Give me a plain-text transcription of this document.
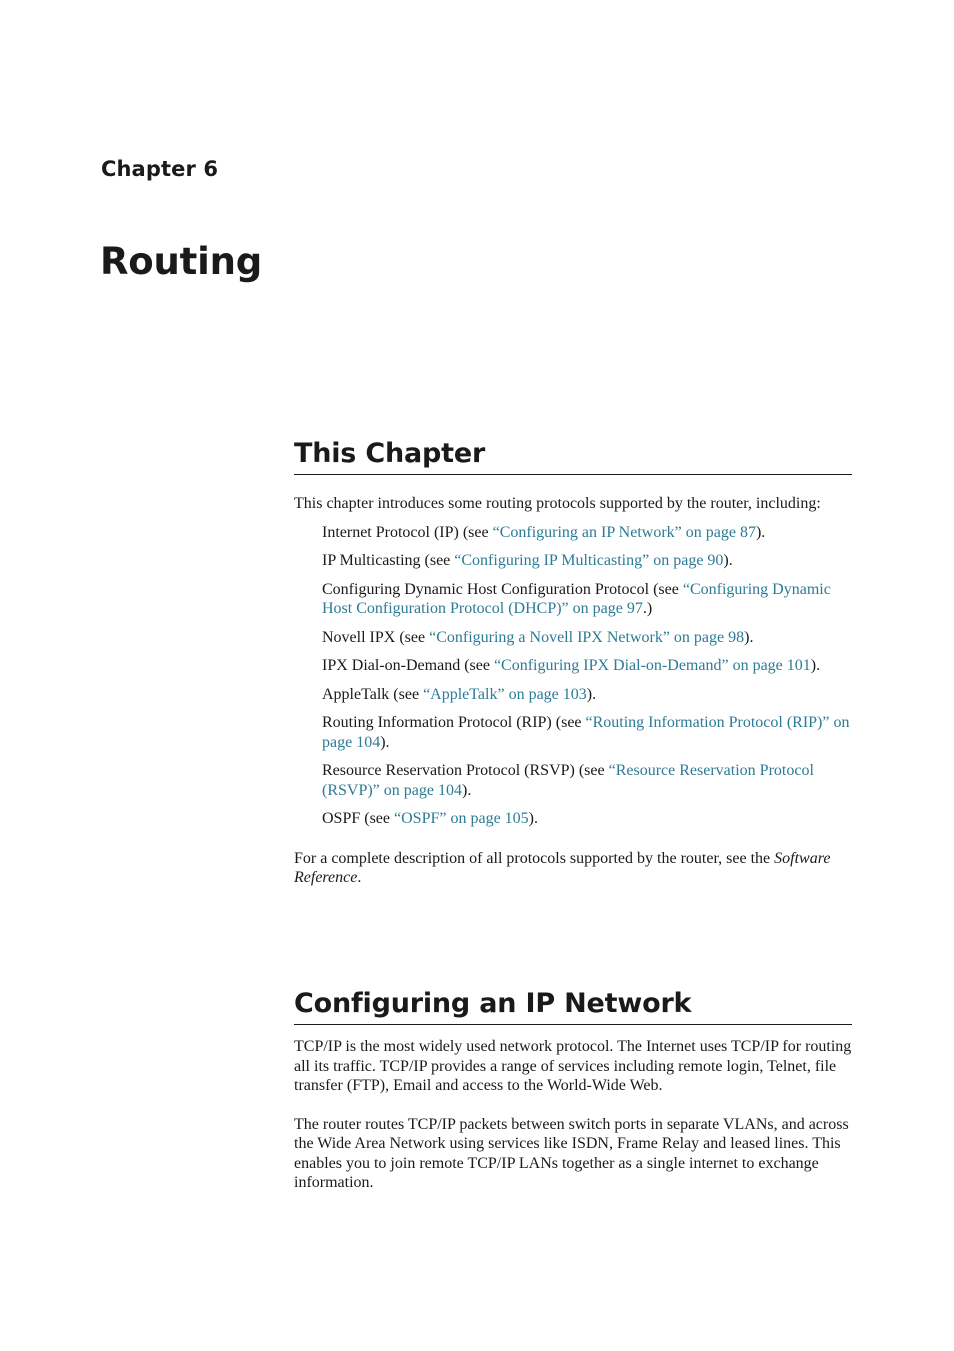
Chapter 6
Routing
This Chapter

This chapter introduces some routing protocols supported by the router, including:

Internet Protocol (IP) (see “Configuring an IP Network” on page 87).
IP Multicasting (see “Configuring IP Multicasting” on page 90).
Configuring Dynamic Host Configuration Protocol (see “Configuring Dynamic Host Configuration Protocol (DHCP)” on page 97.)
Novell IPX (see “Configuring a Novell IPX Network” on page 98).
IPX Dial-on-Demand (see “Configuring IPX Dial-on-Demand” on page 101).
AppleTalk (see “AppleTalk” on page 103).
Routing Information Protocol (RIP) (see “Routing Information Protocol (RIP)” on page 104).
Resource Reservation Protocol (RSVP) (see “Resource Reservation Protocol (RSVP)” on page 104).
OSPF (see “OSPF” on page 105).

For a complete description of all protocols supported by the router, see the Software Reference.

Configuring an IP Network

TCP/IP is the most widely used network protocol. The Internet uses TCP/IP for routing all its traffic. TCP/IP provides a range of services including remote login, Telnet, file transfer (FTP), Email and access to the World-Wide Web.

The router routes TCP/IP packets between switch ports in separate VLANs, and across the Wide Area Network using services like ISDN, Frame Relay and leased lines. This enables you to join remote TCP/IP LANs together as a single internet to exchange information.
